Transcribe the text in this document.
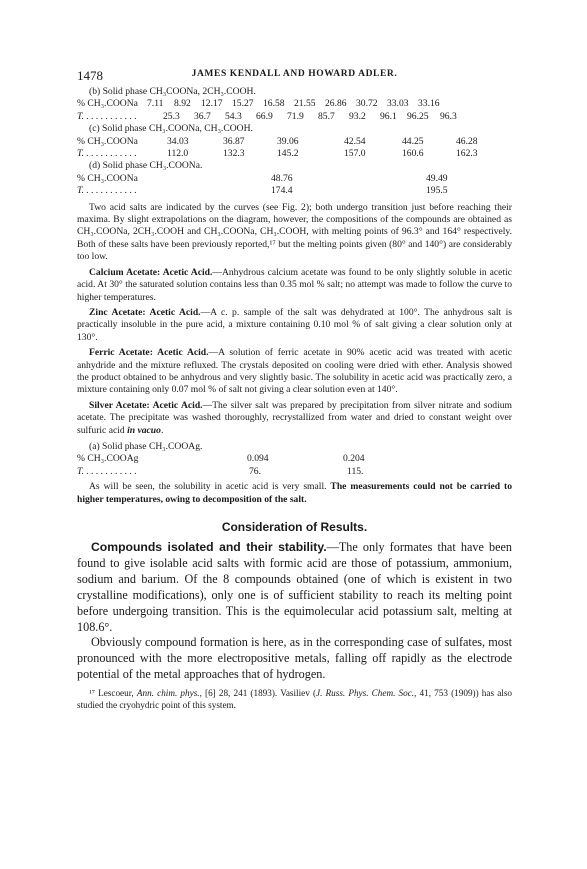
1478	JAMES KENDALL AND HOWARD ADLER.
(b) Solid phase CH₃COONa, 2CH₃.COOH.
% CH₃.COONa 7.11	8.92	12.17 15.27 16.58 21.55 26.86 30.72 33.03 33.16
T. . . . . . . . . . . .	25.3	36.7	54.3	66.9	71.9	85.7	93.2	96.1	96.25	96.3
(c) Solid phase CH₃.COONa, CH₃.COOH.
% CH₃.COONa	34.03	36.87	39.06	42.54	44.25	46.28
T. . . . . . . . . . . .	112.0	132.3	145.2	157.0	160.6	162.3
(d) Solid phase CH₃.COONa.
% CH₃.COONa	48.76	49.49
T. . . . . . . . . . . .	174.4	195.5

Two acid salts are indicated by the curves (see Fig. 2); both undergo transition just before reaching their maxima. By slight extrapolations on the diagram, however, the compositions of the compounds are obtained as CH₃.COONa, 2CH₃.COOH and CH₃.COONa, CH₃.COOH, with melting points of 96.3° and 164° respectively. Both of these salts have been previously reported,¹⁷ but the melting points given (80° and 140°) are considerably too low.

Calcium Acetate: Acetic Acid.—Anhydrous calcium acetate was found to be only slightly soluble in acetic acid. At 30° the saturated solution contains less than 0.35 mol % salt; no attempt was made to follow the curve to higher temperatures.

Zinc Acetate: Acetic Acid.—A c. p. sample of the salt was dehydrated at 100°. The anhydrous salt is practically insoluble in the pure acid, a mixture containing 0.10 mol % of salt giving a clear solution only at 130°.

Ferric Acetate: Acetic Acid.—A solution of ferric acetate in 90% acetic acid was treated with acetic anhydride and the mixture refluxed. The crystals deposited on cooling were dried with ether. Analysis showed the product obtained to be anhydrous and very slightly basic. The solubility in acetic acid was practically zero, a mixture containing only 0.07 mol % of salt not giving a clear solution even at 140°.

Silver Acetate: Acetic Acid.—The silver salt was prepared by precipitation from silver nitrate and sodium acetate. The precipitate was washed thoroughly, recrystallized from water and dried to constant weight over sulfuric acid in vacuo.

(a) Solid phase CH₃.COOAg.
% CH₃.COOAg	0.094	0.204
T. . . . . . . . . . . .	76.	115.

As will be seen, the solubility in acetic acid is very small. The measurements could not be carried to higher temperatures, owing to decomposition of the salt.

Consideration of Results.

Compounds isolated and their stability.—The only formates that have been found to give isolable acid salts with formic acid are those of potassium, ammonium, sodium and barium. Of the 8 compounds obtained (one of which is existent in two crystalline modifications), only one is of sufficient stability to reach its melting point before undergoing transition. This is the equimolecular acid potassium salt, melting at 108.6°.

Obviously compound formation is here, as in the corresponding case of sulfates, most pronounced with the more electropositive metals, falling off rapidly as the electrode potential of the metal approaches that of hydrogen.

¹⁷ Lescoeur, Ann. chim. phys., [6] 28, 241 (1893). Vasiliev (J. Russ. Phys. Chem. Soc., 41, 753 (1909)) has also studied the cryohydric point of this system.
